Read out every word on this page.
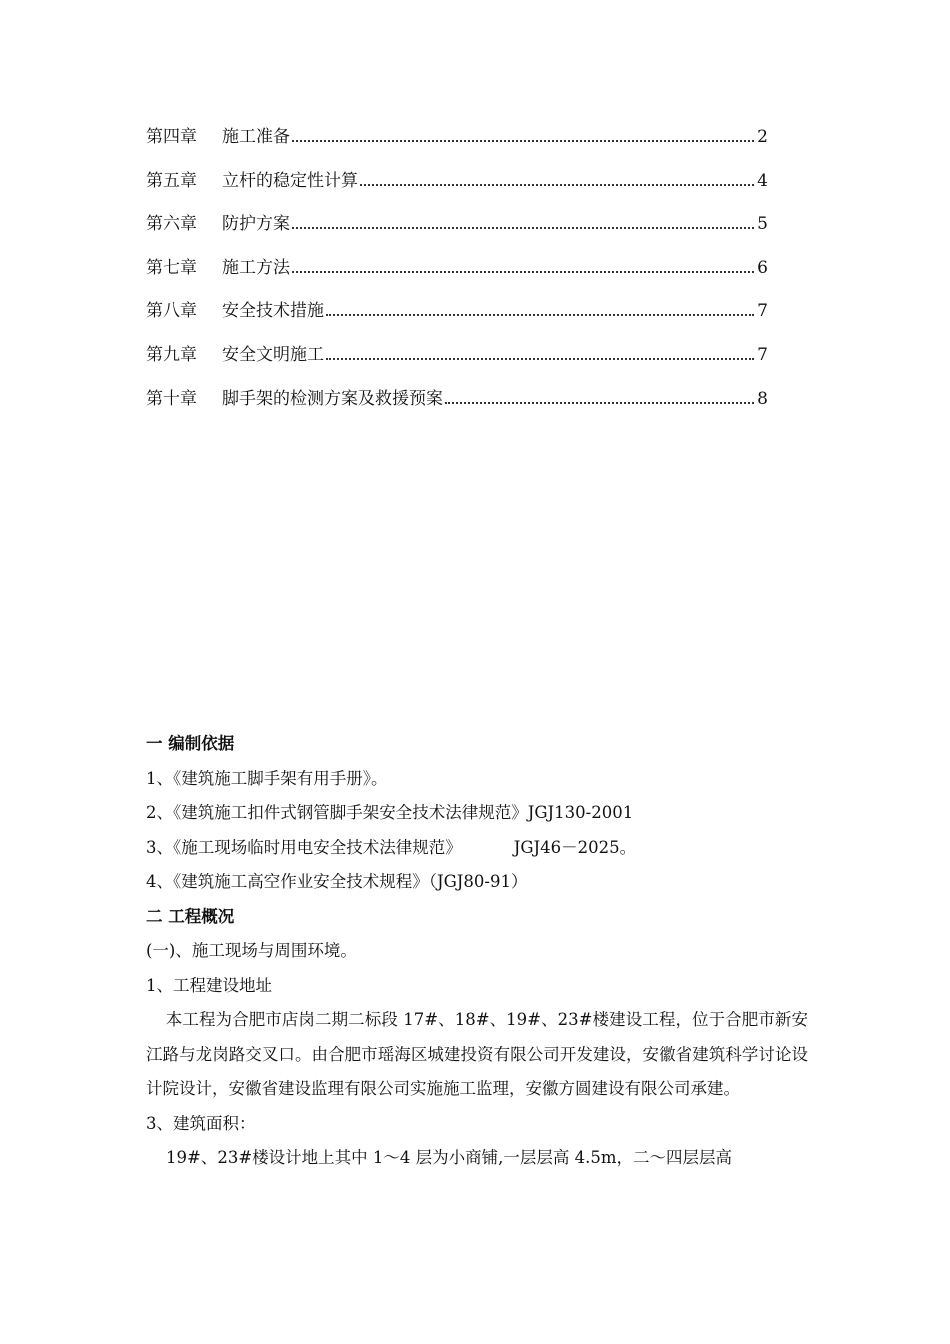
第四章	施工准备	2
第五章	立杆的稳定性计算	4
第六章	防护方案	5
第七章	施工方法	6
第八章	安全技术措施	7
第九章	安全文明施工	7
第十章	脚手架的检测方案及救援预案	8
一 编制依据
1、《建筑施工脚手架有用手册》。
2、《建筑施工扣件式钢管脚手架安全技术法律规范》JGJ130-2001
3、《施工现场临时用电安全技术法律规范》	JGJ46－2025。
4、《建筑施工高空作业安全技术规程》（JGJ80-91）
二 工程概况
(一)、施工现场与周围环境。
1、工程建设地址

本工程为合肥市店岗二期二标段 17#、18#、19#、23#楼建设工程，位于合肥市新安江路与龙岗路交叉口。由合肥市瑶海区城建投资有限公司开发建设，安徽省建筑科学讨论设计院设计，安徽省建设监理有限公司实施施工监理，安徽方圆建设有限公司承建。

3、建筑面积：
19#、23#楼设计地上其中 1～4 层为小商铺,一层层高 4.5m，二～四层层高
